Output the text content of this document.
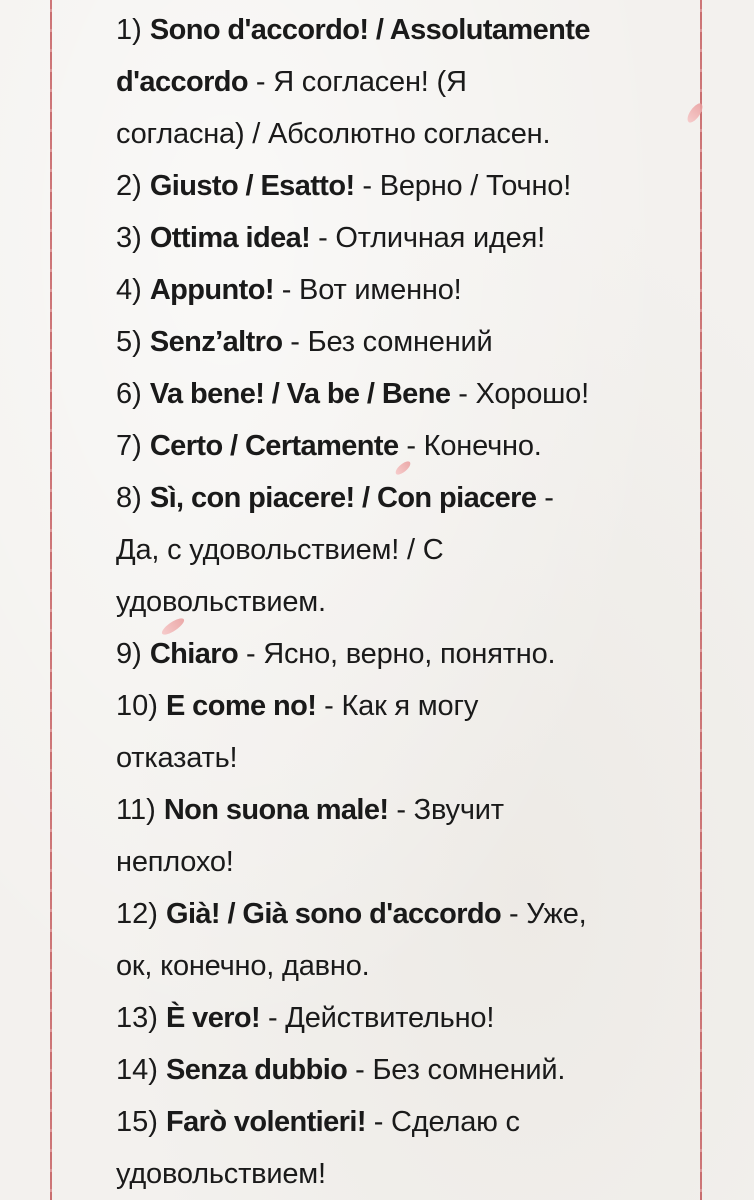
1) Sono d'accordo! / Assolutamente
d'accordo - Я согласен! (Я
согласна) / Абсолютно согласен.
2) Giusto / Esatto! - Верно / Точно!
3) Ottima idea! - Отличная идея!
4) Appunto! - Вот именно!
5) Senz’altro - Без сомнений
6) Va bene! / Va be / Bene - Хорошо!
7) Certo / Certamente - Конечно.
8) Sì, con piacere! / Con piacere -
Да, с удовольствием! / С
удовольствием.
9) Chiaro - Ясно, верно, понятно.
10) E come no! - Как я могу
отказать!
11) Non suona male! - Звучит
неплохо!
12) Già! / Già sono d'accordo - Уже,
ок, конечно, давно.
13) È vero! - Действительно!
14) Senza dubbio - Без сомнений.
15) Farò volentieri! - Сделаю с
удовольствием!
